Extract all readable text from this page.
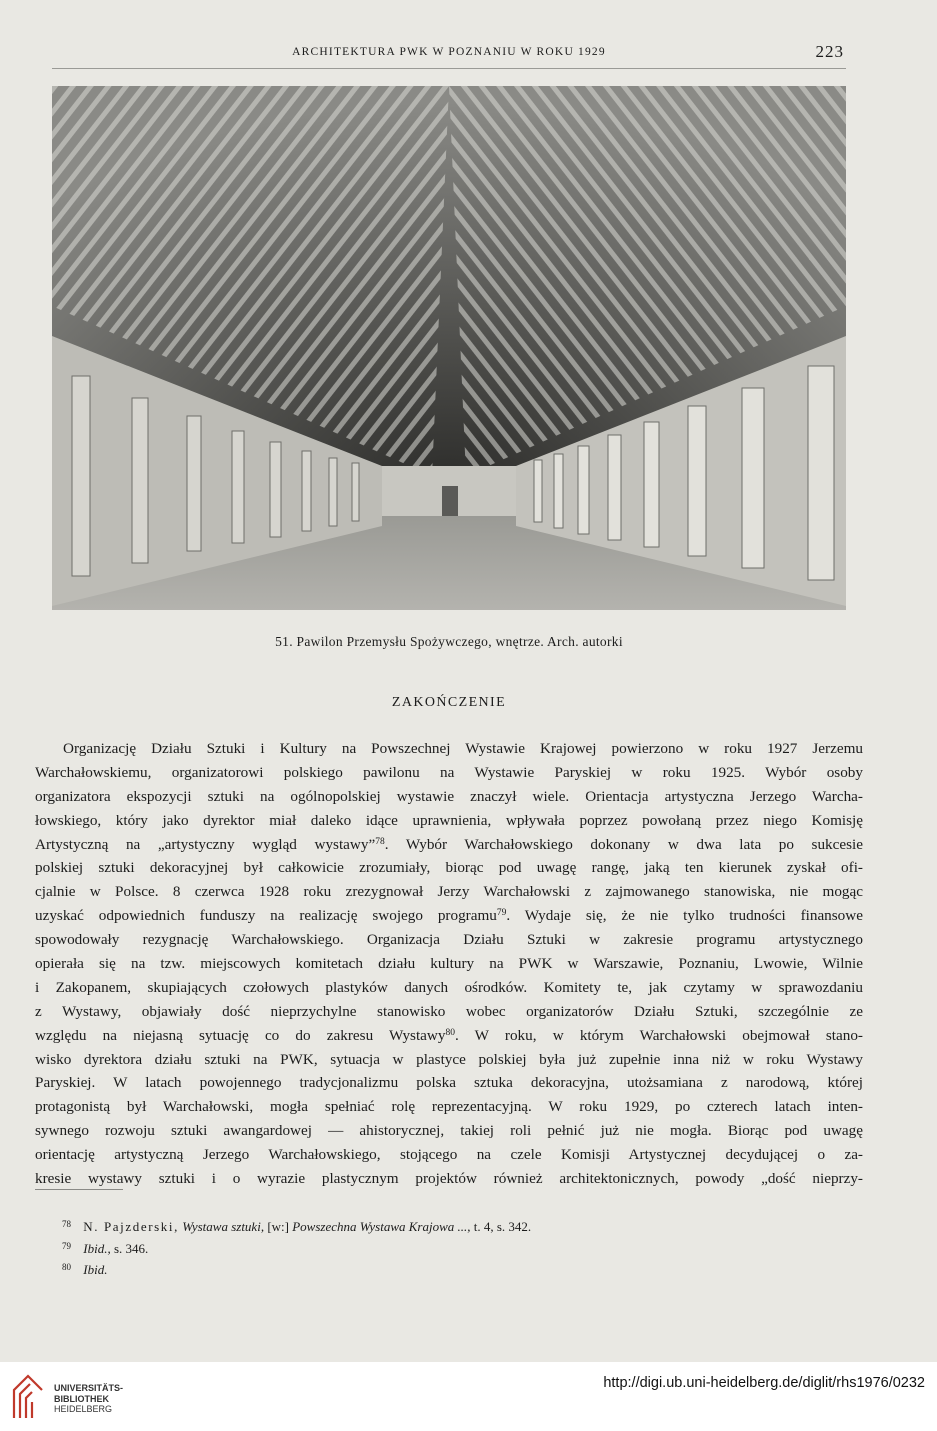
ARCHITEKTURA PWK W POZNANIU W ROKU 1929	223
51. Pawilon Przemysłu Spożywczego, wnętrze. Arch. autorki
ZAKOŃCZENIE
Organizację Działu Sztuki i Kultury na Powszechnej Wystawie Krajowej powierzono w roku 1927 Jerzemu
Warchałowskiemu, organizatorowi polskiego pawilonu na Wystawie Paryskiej w roku 1925. Wybór osoby
organizatora ekspozycji sztuki na ogólnopolskiej wystawie znaczył wiele. Orientacja artystyczna Jerzego Warcha-
łowskiego, który jako dyrektor miał daleko idące uprawnienia, wpływała poprzez powołaną przez niego Komisję
Artystyczną na „artystyczny wygląd wystawy”$^{78}$. Wybór Warchałowskiego dokonany w dwa lata po sukcesie
polskiej sztuki dekoracyjnej był całkowicie zrozumiały, biorąc pod uwagę rangę, jaką ten kierunek zyskał ofi-
cjalnie w Polsce. 8 czerwca 1928 roku zrezygnował Jerzy Warchałowski z zajmowanego stanowiska, nie mogąc
uzyskać odpowiednich funduszy na realizację swojego programu$^{79}$. Wydaje się, że nie tylko trudności finansowe
spowodowały rezygnację Warchałowskiego. Organizacja Działu Sztuki w zakresie programu artystycznego
opierała się na tzw. miejscowych komitetach działu kultury na PWK w Warszawie, Poznaniu, Lwowie, Wilnie
i Zakopanem, skupiających czołowych plastyków danych ośrodków. Komitety te, jak czytamy w sprawozdaniu
z Wystawy, objawiały dość nieprzychylne stanowisko wobec organizatorów Działu Sztuki, szczególnie ze
względu na niejasną sytuację co do zakresu Wystawy$^{80}$. W roku, w którym Warchałowski obejmował stano-
wisko dyrektora działu sztuki na PWK, sytuacja w plastyce polskiej była już zupełnie inna niż w roku Wystawy
Paryskiej. W latach powojennego tradycjonalizmu polska sztuka dekoracyjna, utożsamiana z narodową, której
protagonistą był Warchałowski, mogła spełniać rolę reprezentacyjną. W roku 1929, po czterech latach inten-
sywnego rozwoju sztuki awangardowej — ahistorycznej, takiej roli pełnić już nie mogła. Biorąc pod uwagę
orientację artystyczną Jerzego Warchałowskiego, stojącego na czele Komisji Artystycznej decydującej o za-
kresie wystawy sztuki i o wyrazie plastycznym projektów również architektonicznych, powody „dość nieprzy-
78 N. Pajzderski, Wystawa sztuki, [w:] Powszechna Wystawa Krajowa ..., t. 4, s. 342.
79 Ibid., s. 346.
80 Ibid.
UNIVERSITÄTS-
BIBLIOTHEK
HEIDELBERG
http://digi.ub.uni-heidelberg.de/diglit/rhs1976/0232
